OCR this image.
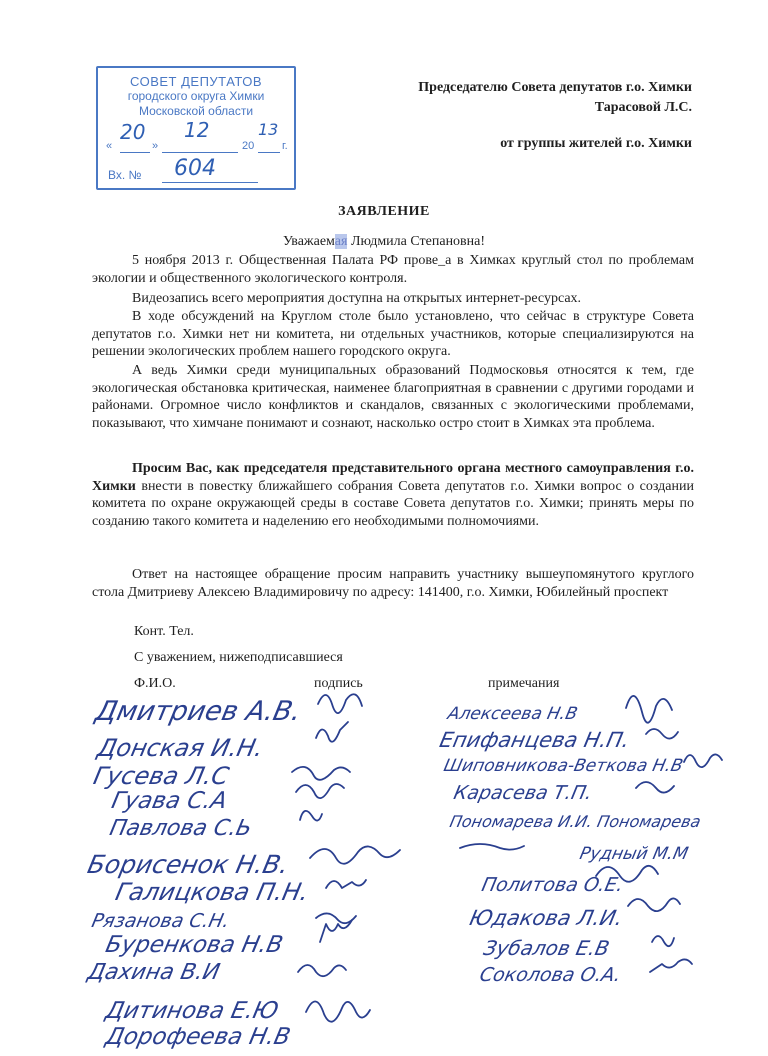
СОВЕТ ДЕПУТАТОВ
городского округа Химки
Московской области
«	»	20	г.
20 12	13
Вх. № 604
Председателю Совета депутатов г.о. Химки
Тарасовой Л.С.
от группы жителей г.о. Химки
ЗАЯВЛЕНИЕ
Уважаемая Людмила Степановна!
5 ноября 2013 г. Общественная Палата РФ прове_а в Химках круглый стол по проблемам экологии и общественного экологического контроля.
Видеозапись всего мероприятия доступна на открытых интернет-ресурсах.
В ходе обсуждений на Круглом столе было установлено, что сейчас в структуре Совета депутатов г.о. Химки нет ни комитета, ни отдельных участников, которые специализируются на решении экологических проблем нашего городского округа.
А ведь Химки среди муниципальных образований Подмосковья относятся к тем, где экологическая обстановка критическая, наименее благоприятная в сравнении с другими городами и районами. Огромное число конфликтов и скандалов, связанных с экологическими проблемами, показывают, что химчане понимают и сознают, насколько остро стоит в Химках эта проблема.
Просим Вас, как председателя представительного органа местного самоуправления г.о. Химки внести в повестку ближайшего собрания Совета депутатов г.о. Химки вопрос о создании комитета по охране окружающей среды в составе Совета депутатов г.о. Химки; принять меры по созданию такого комитета и наделению его необходимыми полномочиями.
Ответ на настоящее обращение просим направить участнику вышеупомянутого круглого стола Дмитриеву Алексею Владимировичу по адресу: 141400, г.о. Химки, Юбилейный проспект
Конт. Тел.
С уважением, нижеподписавшиеся
Ф.И.О.	подпись	примечания
Дмитриев А.В.
Донская И.Н.
Гусева Л.С
Гуава С.А
Павлова С.Ь
Борисенок Н.В.
Галицкова П.Н.
Рязанова С.Н.
Буренкова Н.В
Дахина В.И
Дитинова Е.Ю
Дорофеева Н.В
Алексеева Н.В
Епифанцева Н.П.
Шиповникова-Веткова Н.В
Карасева Т.П.
Пономарева И.И. Пономарева
Рудный М.М
Политова О.Е.
Юдакова Л.И.
Зубалов Е.В
Соколова О.А.
